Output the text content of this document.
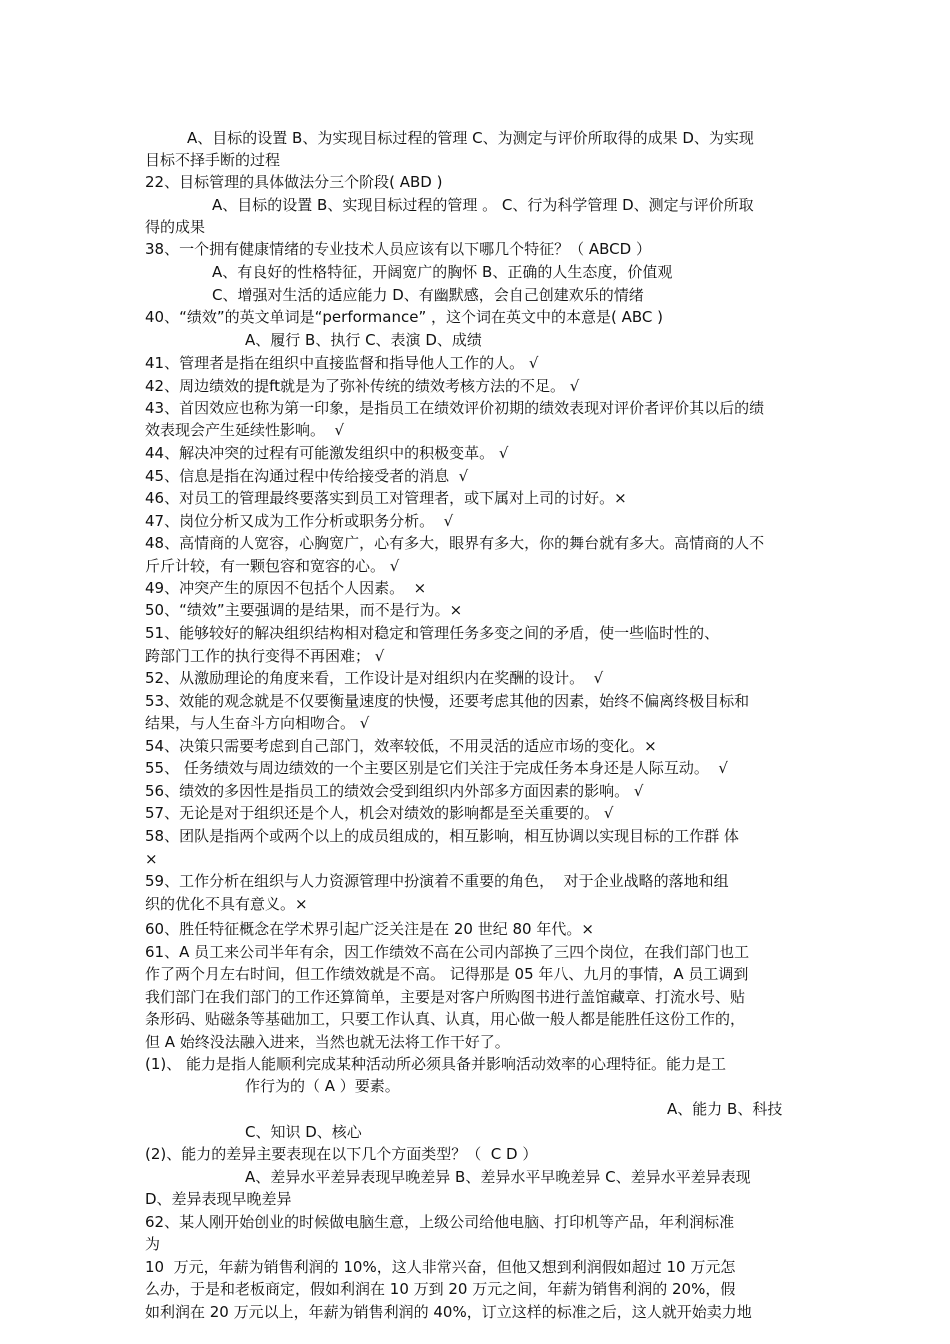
A、目标的设置 B、为实现目标过程的管理 C、为测定与评价所取得的成果 D、为实现
目标不择手断的过程
22、目标管理的具体做法分三个阶段( ABD )
A、目标的设置 B、实现目标过程的管理 。 C、行为科学管理 D、测定与评价所取
得的成果
38、一个拥有健康情绪的专业技术人员应该有以下哪几个特征？（ ABCD ）
A、有良好的性格特征，开阔宽广的胸怀 B、正确的人生态度，价值观
C、增强对生活的适应能力 D、有幽默感，会自己创建欢乐的情绪
40、“绩效”的英文单词是“performance” ，这个词在英文中的本意是( ABC )
A、履行 B、执行 C、表演 D、成绩
41、管理者是指在组织中直接监督和指导他人工作的人。 √
42、周边绩效的提ft就是为了弥补传统的绩效考核方法的不足。 √
43、首因效应也称为第一印象，是指员工在绩效评价初期的绩效表现对评价者评价其以后的绩
效表现会产生延续性影响。  √
44、解决冲突的过程有可能激发组织中的积极变革。 √
45、信息是指在沟通过程中传给接受者的消息  √
46、对员工的管理最终要落实到员工对管理者，或下属对上司的讨好。×
47、岗位分析又成为工作分析或职务分析。  √
48、高情商的人宽容，心胸宽广，心有多大，眼界有多大，你的舞台就有多大。高情商的人不
斤斤计较，有一颗包容和宽容的心。 √
49、冲突产生的原因不包括个人因素。  ×
50、“绩效”主要强调的是结果，而不是行为。×
51、能够较好的解决组织结构相对稳定和管理任务多变之间的矛盾，使一些临时性的、
跨部门工作的执行变得不再困难； √
52、从激励理论的角度来看，工作设计是对组织内在奖酬的设计。  √
53、效能的观念就是不仅要衡量速度的快慢，还要考虑其他的因素，始终不偏离终极目标和
结果，与人生奋斗方向相吻合。 √
54、决策只需要考虑到自己部门，效率较低，不用灵活的适应市场的变化。×
55、 任务绩效与周边绩效的一个主要区别是它们关注于完成任务本身还是人际互动。  √
56、绩效的多因性是指员工的绩效会受到组织内外部多方面因素的影响。 √
57、无论是对于组织还是个人，机会对绩效的影响都是至关重要的。 √
58、团队是指两个或两个以上的成员组成的，相互影响，相互协调以实现目标的工作群 体
×
59、工作分析在组织与人力资源管理中扮演着不重要的角色，  对于企业战略的落地和组
织的优化不具有意义。×
60、胜任特征概念在学术界引起广泛关注是在 20 世纪 80 年代。×
61、A 员工来公司半年有余，因工作绩效不高在公司内部换了三四个岗位，在我们部门也工
作了两个月左右时间，但工作绩效就是不高。 记得那是 05 年八、九月的事情，A 员工调到
我们部门在我们部门的工作还算简单，主要是对客户所购图书进行盖馆藏章、打流水号、贴
条形码、贴磁条等基础加工，只要工作认真、认真，用心做一般人都是能胜任这份工作的，
但 A 始终没法融入进来，当然也就无法将工作干好了。
(1)、 能力是指人能顺利完成某种活动所必须具备并影响活动效率的心理特征。能力是工
作行为的（ A ）要素。
A、能力 B、科技
C、知识 D、核心
(2)、能力的差异主要表现在以下几个方面类型？（  C D ）
A、差异水平差异表现早晚差异 B、差异水平早晚差异 C、差异水平差异表现
D、差异表现早晚差异
62、某人刚开始创业的时候做电脑生意，上级公司给他电脑、打印机等产品，年利润标准
为
10  万元，年薪为销售利润的 10%，这人非常兴奋，但他又想到利润假如超过 10 万元怎
么办，于是和老板商定，假如利润在 10 万到 20 万元之间，年薪为销售利润的 20%，假
如利润在 20 万元以上，年薪为销售利润的 40%，订立这样的标准之后，这人就开始卖力地
